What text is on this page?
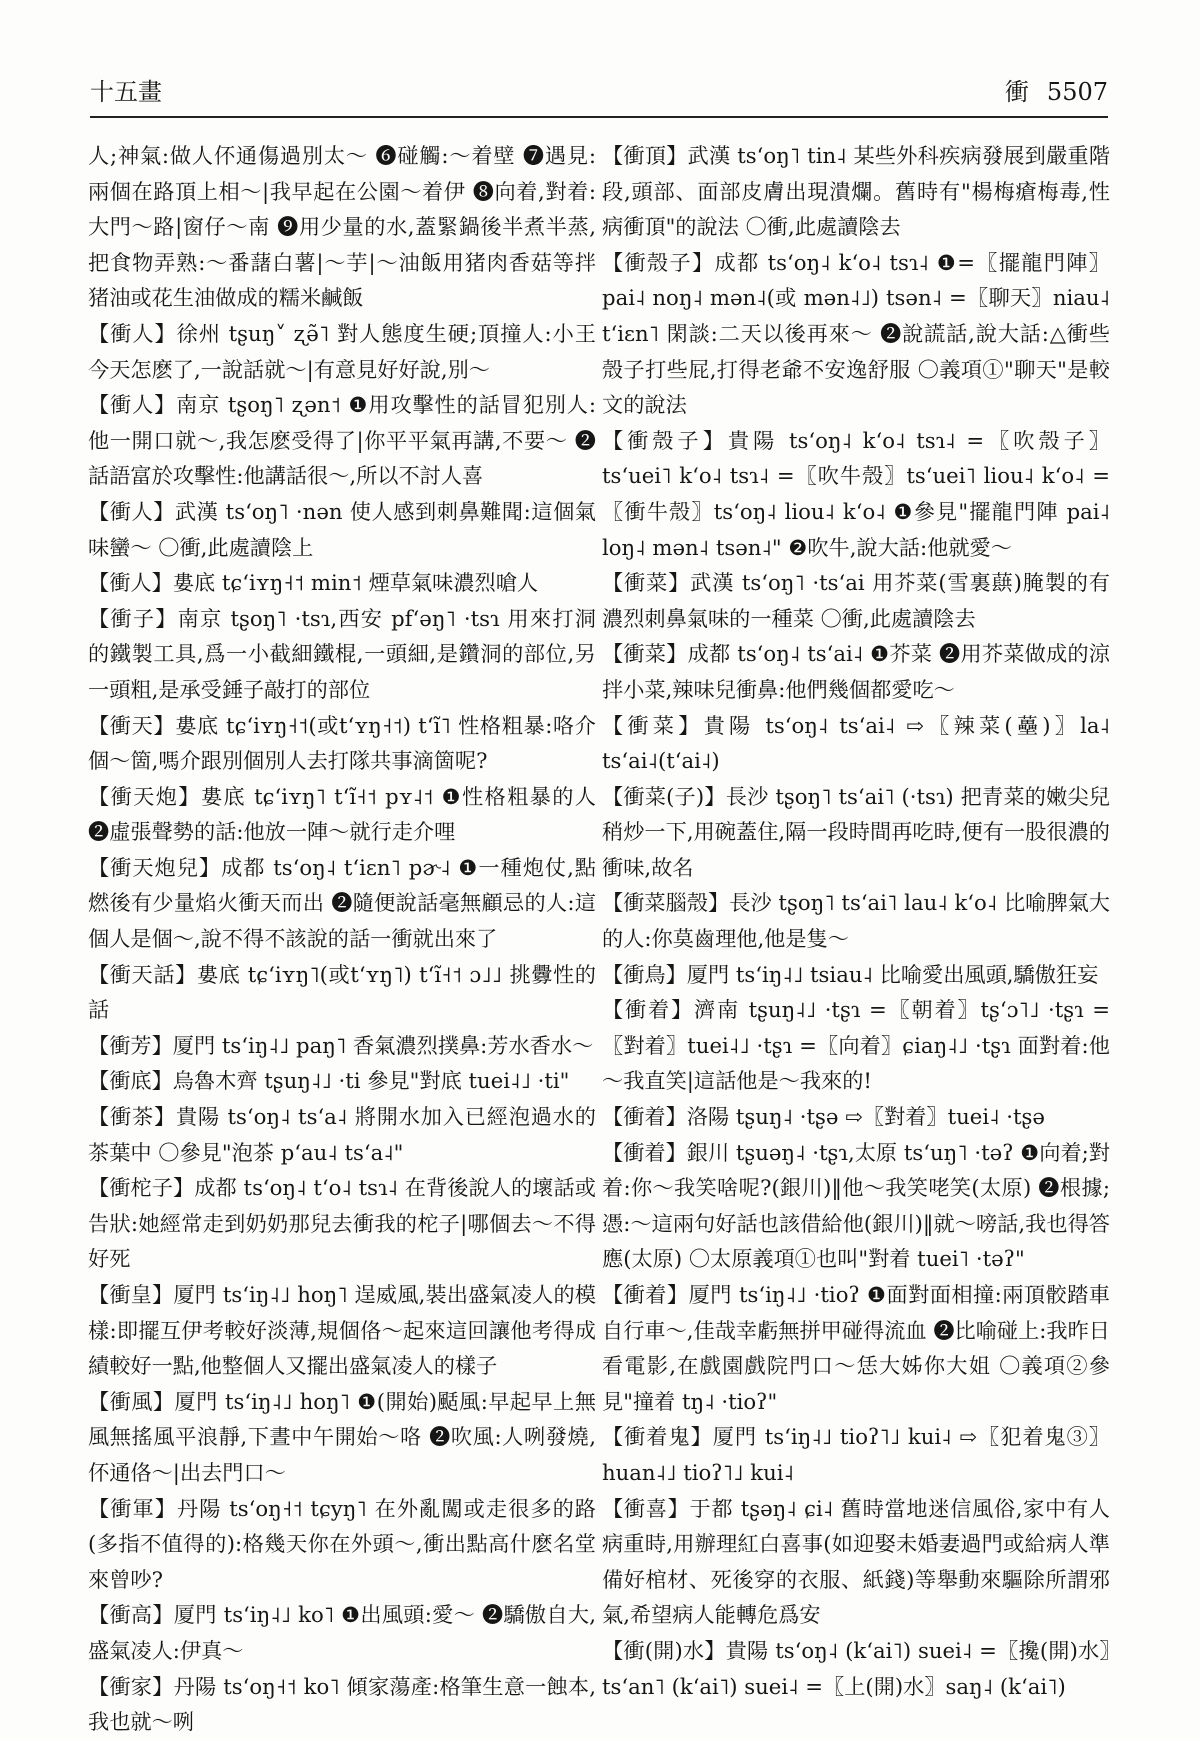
十五畫	衝 5507

人;神氣:做人伓通傷過別太～ ❻碰觸:～着壁 ❼遇見:兩個在路頂上相～|我早起在公園～着伊 ❽向着,對着:大門～路|窗仔～南 ❾用少量的水,蓋緊鍋後半煮半蒸,把食物弄熟:～番藷白薯|～芋|～油飯用猪肉香菇等拌猪油或花生油做成的糯米鹹飯

【衝人】徐州 tʂuŋ˅ ʐə̃˥ 對人態度生硬;頂撞人:小王今天怎麽了,一說話就～|有意見好好說,別～

【衝人】南京 tʂoŋ˥ ʐən˦ ❶用攻擊性的話冒犯別人:他一開口就～,我怎麽受得了|你平平氣再講,不要～ ❷話語富於攻擊性:他講話很～,所以不討人喜

【衝人】武漢 tsʻoŋ˥ ·nən 使人感到刺鼻難聞:這個氣味蠻～ 〇衝,此處讀陰上

【衝人】婁底 tɕʻiʏŋ˧˦ min˦ 煙草氣味濃烈嗆人

【衝子】南京 tʂoŋ˥ ·tsɿ,西安 pfʻəŋ˥ ·tsɿ 用來打洞的鐵製工具,爲一小截細鐵棍,一頭細,是鑽洞的部位,另一頭粗,是承受錘子敲打的部位

【衝天】婁底 tɕʻiʏŋ˧˦(或tʻʏŋ˧˦) tʻĩ˥ 性格粗暴:咯介個～箇,嗎介跟別個別人去打隊共事滴箇呢?

【衝天炮】婁底 tɕʻiʏŋ˥ tʻĩ˧˦ pʏ˨˦ ❶性格粗暴的人 ❷虛張聲勢的話:他放一陣～就行走介哩

【衝天炮兒】成都 tsʻoŋ˨ tʻiɛn˥ pɚ˨ ❶一種炮仗,點燃後有少量焰火衝天而出 ❷隨便說話毫無顧忌的人:這個人是個～,說不得不該說的話一衝就出來了

【衝天話】婁底 tɕʻiʏŋ˥(或tʻʏŋ˥) tʻĩ˧˦ ɔ˩˩ 挑釁性的話

【衝芳】厦門 tsʻiŋ˨˩ paŋ˥ 香氣濃烈撲鼻:芳水香水～

【衝底】烏魯木齊 tʂuŋ˨˩ ·ti 參見"對底 tuei˨˩ ·ti"

【衝茶】貴陽 tsʻoŋ˨ tsʻa˨ 將開水加入已經泡過水的茶葉中 〇參見"泡茶 pʻau˨ tsʻa˨"

【衝柁子】成都 tsʻoŋ˨ tʻo˨ tsɿ˨ 在背後說人的壞話或告狀:她經常走到奶奶那兒去衝我的柁子|哪個去～不得好死

【衝皇】厦門 tsʻiŋ˨˩ hoŋ˥ 逞威風,裝出盛氣凌人的模樣:即擺互伊考較好淡薄,規個佫～起來這回讓他考得成績較好一點,他整個人又擺出盛氣凌人的樣子

【衝風】厦門 tsʻiŋ˨˩ hoŋ˥ ❶(開始)颳風:早起早上無風無搖風平浪靜,下晝中午開始～咯 ❷吹風:人咧發燒,伓通佫～|出去門口～

【衝軍】丹陽 tsʻoŋ˧˦ tɕyŋ˥ 在外亂闖或走很多的路(多指不值得的):格幾天你在外頭～,衝出點高什麽名堂來曾吵?

【衝高】厦門 tsʻiŋ˨˩ ko˥ ❶出風頭:愛～ ❷驕傲自大,盛氣凌人:伊真～

【衝家】丹陽 tsʻoŋ˧˦ ko˥ 傾家蕩產:格筆生意一蝕本,我也就～咧

【衝頂】武漢 tsʻoŋ˥ tin˨ 某些外科疾病發展到嚴重階段,頭部、面部皮膚出現潰爛。舊時有"楊梅瘡梅毒,性病衝頂"的說法 〇衝,此處讀陰去

【衝殼子】成都 tsʻoŋ˨ kʻo˨ tsɿ˨ ❶=〖擺龍門陣〗pai˨ noŋ˨ mən˨(或 mən˨˩) tsən˨ =〖聊天〗niau˨ tʻiɛn˥ 閑談:二天以後再來～ ❷說謊話,說大話:△衝些殼子打些屁,打得老爺不安逸舒服 〇義項①"聊天"是較文的說法

【衝殼子】貴陽 tsʻoŋ˨ kʻo˨ tsɿ˨ =〖吹殼子〗tsʻuei˥ kʻo˨ tsɿ˨ =〖吹牛殼〗tsʻuei˥ liou˨ kʻo˨ =〖衝牛殼〗tsʻoŋ˨ liou˨ kʻo˨ ❶參見"擺龍門陣 pai˨ loŋ˨ mən˨ tsən˨" ❷吹牛,說大話:他就愛～

【衝菜】武漢 tsʻoŋ˥ ·tsʻai 用芥菜(雪裏蕻)腌製的有濃烈刺鼻氣味的一種菜 〇衝,此處讀陰去

【衝菜】成都 tsʻoŋ˨ tsʻai˨ ❶芥菜 ❷用芥菜做成的涼拌小菜,辣味兒衝鼻:他們幾個都愛吃～

【衝菜】貴陽 tsʻoŋ˨ tsʻai˨ ⇨〖辣菜(蘲)〗la˨ tsʻai˨(tʻai˨)

【衝菜(子)】長沙 tʂoŋ˥ tsʻai˥ (·tsɿ) 把青菜的嫩尖兒稍炒一下,用碗蓋住,隔一段時間再吃時,便有一股很濃的衝味,故名

【衝菜腦殼】長沙 tʂoŋ˥ tsʻai˥ lau˨ kʻo˨ 比喻脾氣大的人:你莫齒理他,他是隻～

【衝鳥】厦門 tsʻiŋ˨˩ tsiau˨ 比喻愛出風頭,驕傲狂妄

【衝着】濟南 tʂuŋ˨˩ ·tʂɿ =〖朝着〗tʂʻɔ˥˩ ·tʂɿ =〖對着〗tuei˨˩ ·tʂɿ =〖向着〗ɕiaŋ˨˩ ·tʂɿ 面對着:他～我直笑|這話他是～我來的!

【衝着】洛陽 tʂuŋ˨ ·tʂə ⇨〖對着〗tuei˨ ·tʂə

【衝着】銀川 tʂuəŋ˨ ·tʂɿ,太原 tsʻuŋ˥ ·təʔ ❶向着;對着:你～我笑啥呢?(銀川)‖他～我笑咾笑(太原) ❷根據;憑:～這兩句好話也該借給他(銀川)‖就～嗙話,我也得答應(太原) 〇太原義項①也叫"對着 tuei˥ ·təʔ"

【衝着】厦門 tsʻiŋ˨˩ ·tioʔ ❶面對面相撞:兩頂骹踏車自行車～,佳哉幸虧無拼甲碰得流血 ❷比喻碰上:我昨日看電影,在戲園戲院門口～恁大姊你大姐 〇義項②參見"撞着 tŋ˨ ·tioʔ"

【衝着鬼】厦門 tsʻiŋ˨˩ tioʔ˥˩ kui˨ ⇨〖犯着鬼③〗huan˨˩ tioʔ˥˩ kui˨

【衝喜】于都 tʂəŋ˨ ɕi˨ 舊時當地迷信風俗,家中有人病重時,用辦理紅白喜事(如迎娶未婚妻過門或給病人準備好棺材、死後穿的衣服、紙錢)等舉動來驅除所謂邪氣,希望病人能轉危爲安

【衝(開)水】貴陽 tsʻoŋ˨ (kʻai˥) suei˨ =〖攙(開)水〗tsʻan˥ (kʻai˥) suei˨ =〖上(開)水〗saŋ˨ (kʻai˥)
